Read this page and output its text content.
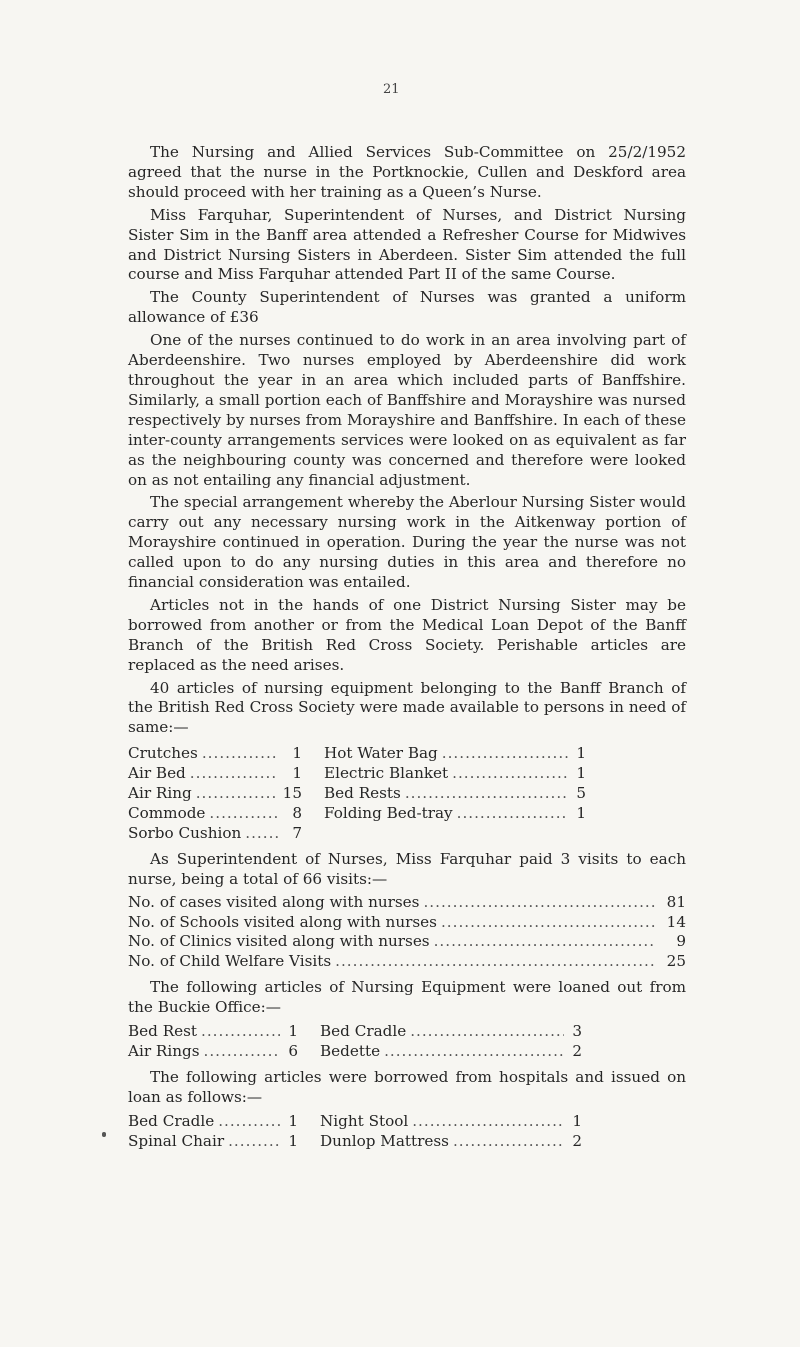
21

The Nursing and Allied Services Sub-Committee on 25/2/1952 agreed that the nurse in the Portknockie, Cullen and Deskford area should proceed with her training as a Queen’s Nurse.

Miss Farquhar, Superintendent of Nurses, and District Nursing Sister Sim in the Banff area attended a Refresher Course for Midwives and District Nursing Sisters in Aberdeen. Sister Sim attended the full course and Miss Farquhar attended Part II of the same Course.

The County Superintendent of Nurses was granted a uniform allowance of £36

One of the nurses continued to do work in an area involving part of Aberdeenshire. Two nurses employed by Aberdeenshire did work throughout the year in an area which included parts of Banffshire. Similarly, a small portion each of Banffshire and Morayshire was nursed respectively by nurses from Morayshire and Banffshire. In each of these inter-county arrangements services were looked on as equivalent as far as the neighbouring county was concerned and therefore were looked on as not entailing any financial adjustment.

The special arrangement whereby the Aberlour Nursing Sister would carry out any necessary nursing work in the Aitkenway portion of Morayshire continued in operation. During the year the nurse was not called upon to do any nursing duties in this area and therefore no financial consideration was entailed.

Articles not in the hands of one District Nursing Sister may be borrowed from another or from the Medical Loan Depot of the Banff Branch of the British Red Cross Society. Perishable articles are replaced as the need arises.

40 articles of nursing equipment belonging to the Banff Branch of the British Red Cross Society were made available to persons in need of same:—

Crutches .....	1 Hot Water Bag .....	1
Air Bed .....	1 Electric Blanket .....	1
Air Ring .....	15 Bed Rests .....	5
Commode .....	8 Folding Bed-tray .....	1
Sorbo Cushion .....	7

As Superintendent of Nurses, Miss Farquhar paid 3 visits to each nurse, being a total of 66 visits:—

No. of cases visited along with nurses .....	81
No. of Schools visited along with nurses .....	14
No. of Clinics visited along with nurses .....	9
No. of Child Welfare Visits .....	25

The following articles of Nursing Equipment were loaned out from the Buckie Office:—

Bed Rest .....	1 Bed Cradle .....	3
Air Rings .....	6 Bedette .....	2

The following articles were borrowed from hospitals and issued on loan as follows:—

Bed Cradle .....	1 Night Stool .....	1
Spinal Chair .....	1 Dunlop Mattress .....	2
